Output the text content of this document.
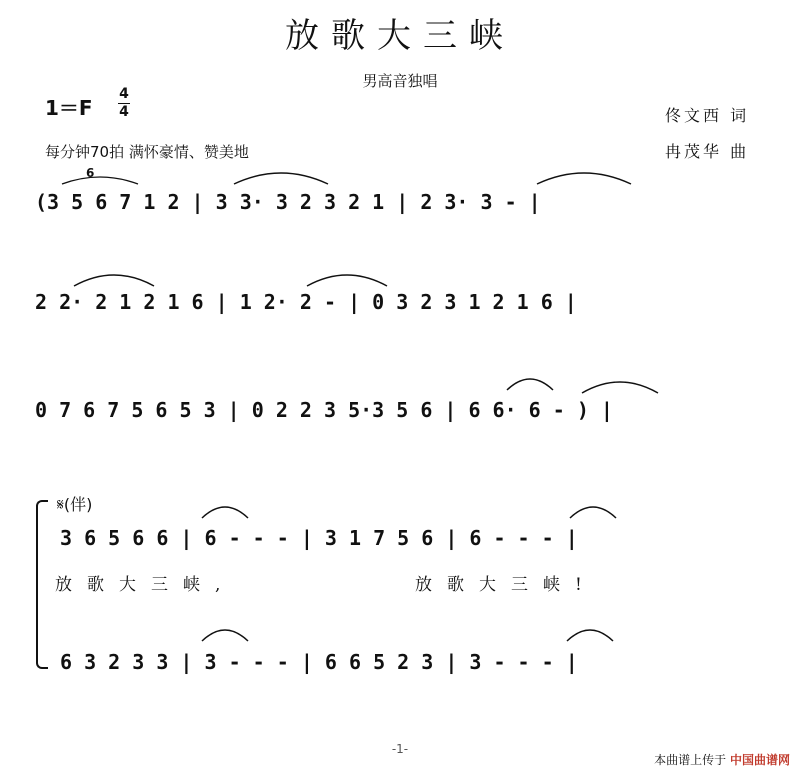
放歌大三峡
男高音独唱
1＝F
4
4	佟文西 词
冉茂华 曲
每分钟70拍 满怀豪情、赞美地
6
(3 5 6 7 1 2 | 3 3· 3 2 3 2 1 | 2 3· 3 - |
2 2· 2 1 2 1 6 | 1 2· 2 - | 0 3 2 3 1 2 1 6 |
0 7 6 7 5 6 5 3 | 0 2 2 3 5·3 5 6 | 6 6· 6 - ) |
𝄋(伴)
3 6 5 6 6 | 6 - - - | 3 1 7 5 6 | 6 - - - |
放歌大三峡,	放歌大三峡!
6 3 2 3 3 | 3 - - - | 6 6 5 2 3 | 3 - - - |
-1-
本曲谱上传于 中国曲谱网
